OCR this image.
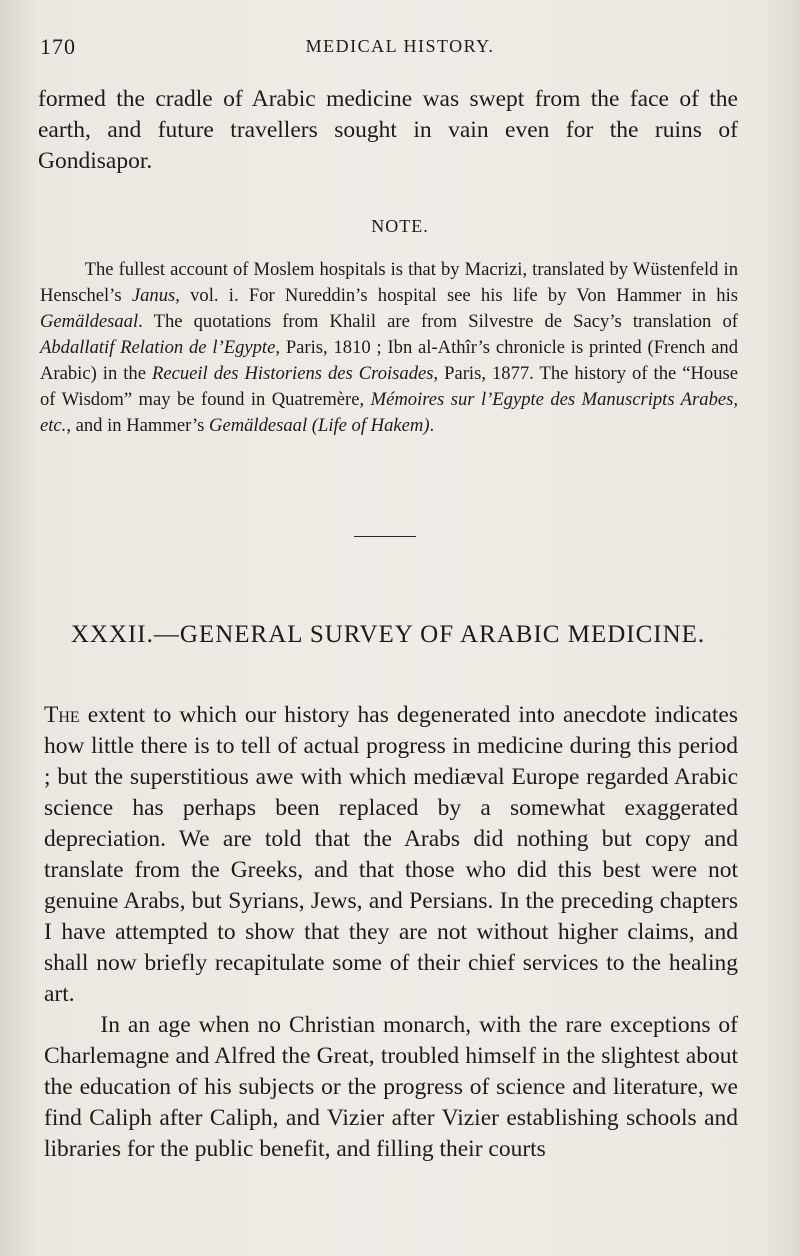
170	MEDICAL HISTORY.

formed the cradle of Arabic medicine was swept from the face of the earth, and future travellers sought in vain even for the ruins of Gondisapor.

NOTE.

The fullest account of Moslem hospitals is that by Macrizi, translated by Wüstenfeld in Henschel’s Janus, vol. i. For Nureddin’s hospital see his life by Von Hammer in his Gemäldesaal. The quotations from Khalil are from Silvestre de Sacy’s translation of Abdallatif Relation de l’Egypte, Paris, 1810 ; Ibn al-Athîr’s chronicle is printed (French and Arabic) in the Recueil des Historiens des Croisades, Paris, 1877. The history of the “House of Wisdom” may be found in Quatremère, Mémoires sur l’Egypte des Manuscripts Arabes, etc., and in Hammer’s Gemäldesaal (Life of Hakem).

XXXII.—GENERAL SURVEY OF ARABIC MEDICINE.

The extent to which our history has degenerated into anecdote indicates how little there is to tell of actual progress in medicine during this period ; but the superstitious awe with which mediæval Europe regarded Arabic science has perhaps been replaced by a somewhat exaggerated depreciation. We are told that the Arabs did nothing but copy and translate from the Greeks, and that those who did this best were not genuine Arabs, but Syrians, Jews, and Persians. In the preceding chapters I have attempted to show that they are not without higher claims, and shall now briefly recapitulate some of their chief services to the healing art.

In an age when no Christian monarch, with the rare exceptions of Charlemagne and Alfred the Great, troubled himself in the slightest about the education of his subjects or the progress of science and literature, we find Caliph after Caliph, and Vizier after Vizier establishing schools and libraries for the public benefit, and filling their courts
